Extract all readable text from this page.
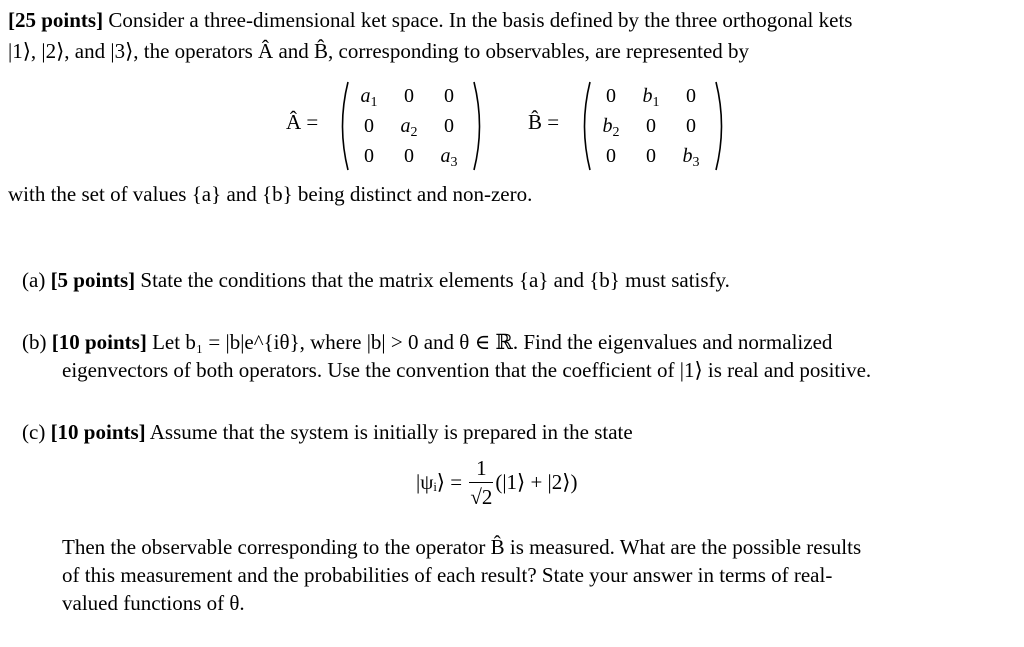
[25 points] Consider a three-dimensional ket space. In the basis defined by the three orthogonal kets
|1⟩, |2⟩, and |3⟩, the operators Â and B̂, corresponding to observables, are represented by
Â =
$a_1$	0	0
0	$a_2$	0
0	0	$a_3$
B̂ =
0	$b_1$	0
$b_2$	0	0
0	0	$b_3$
with the set of values {a} and {b} being distinct and non-zero.
(a) [5 points] State the conditions that the matrix elements {a} and {b} must satisfy.
(b) [10 points] Let b₁ = |b|e^{iθ}, where |b| > 0 and θ ∈ ℝ. Find the eigenvalues and normalized
eigenvectors of both operators. Use the convention that the coefficient of |1⟩ is real and positive.
(c) [10 points] Assume that the system is initially is prepared in the state
|ψᵢ⟩ = $\frac{1}{√2}$ (|1⟩ + |2⟩)
Then the observable corresponding to the operator B̂ is measured. What are the possible results
of this measurement and the probabilities of each result? State your answer in terms of real-
valued functions of θ.
